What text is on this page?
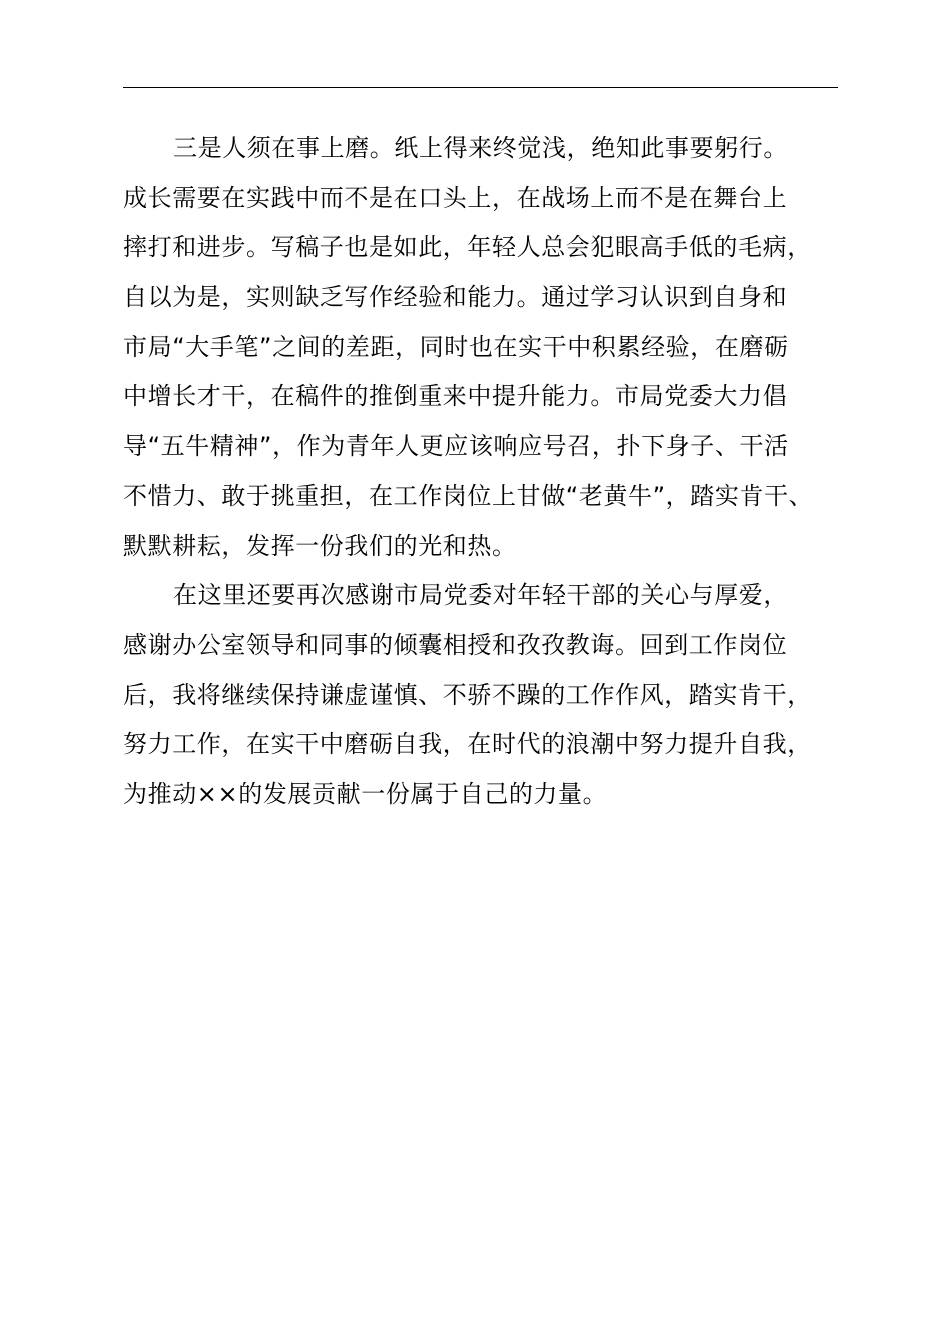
三是人须在事上磨。纸上得来终觉浅，绝知此事要躬行。
成长需要在实践中而不是在口头上，在战场上而不是在舞台上
摔打和进步。写稿子也是如此，年轻人总会犯眼高手低的毛病，
自以为是，实则缺乏写作经验和能力。通过学习认识到自身和
市局“大手笔”之间的差距，同时也在实干中积累经验，在磨砺
中增长才干，在稿件的推倒重来中提升能力。市局党委大力倡
导“五牛精神”，作为青年人更应该响应号召，扑下身子、干活
不惜力、敢于挑重担，在工作岗位上甘做“老黄牛”，踏实肯干、
默默耕耘，发挥一份我们的光和热。
在这里还要再次感谢市局党委对年轻干部的关心与厚爱，
感谢办公室领导和同事的倾囊相授和孜孜教诲。回到工作岗位
后，我将继续保持谦虚谨慎、不骄不躁的工作作风，踏实肯干，
努力工作，在实干中磨砺自我，在时代的浪潮中努力提升自我，
为推动××的发展贡献一份属于自己的力量。
